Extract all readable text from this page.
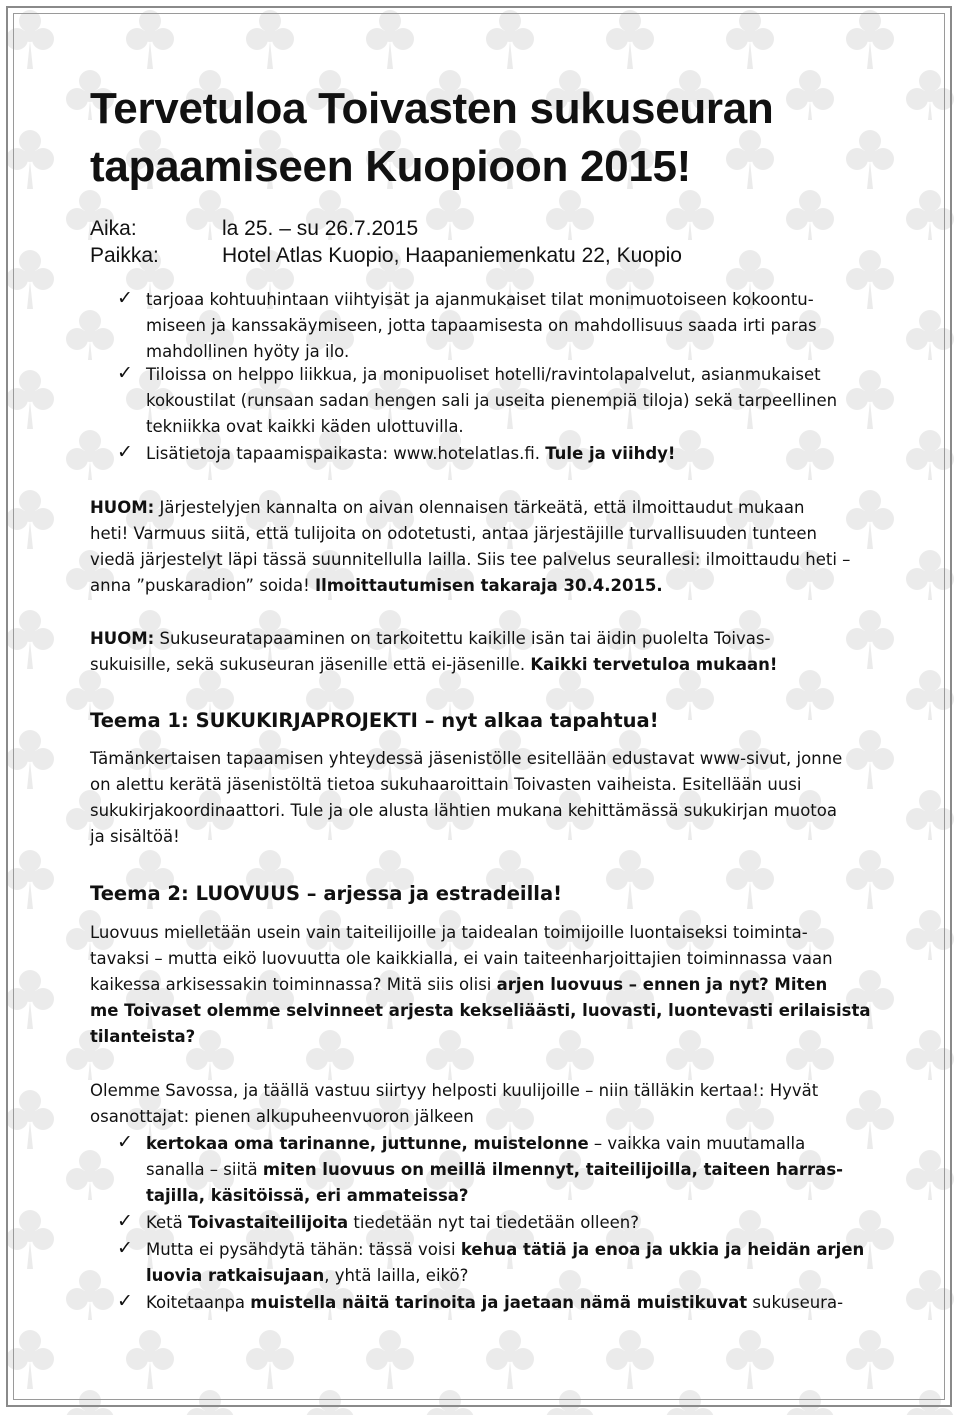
Tervetuloa Toivasten sukuseuran
tapaamiseen Kuopioon 2015!
Aika:	la 25. – su 26.7.2015
Paikka:	Hotel Atlas Kuopio, Haapaniemenkatu 22, Kuopio
✓ tarjoaa kohtuuhintaan viihtyisät ja ajanmukaiset tilat monimuotoiseen kokoontu-
miseen ja kanssakäymiseen, jotta tapaamisesta on mahdollisuus saada irti paras
mahdollinen hyöty ja ilo.
✓ Tiloissa on helppo liikkua, ja monipuoliset hotelli/ravintolapalvelut, asianmukaiset
kokoustilat (runsaan sadan hengen sali ja useita pienempiä tiloja) sekä tarpeellinen
tekniikka ovat kaikki käden ulottuvilla.
✓ Lisätietoja tapaamispaikasta: www.hotelatlas.fi. Tule ja viihdy!
HUOM: Järjestelyjen kannalta on aivan olennaisen tärkeätä, että ilmoittaudut mukaan
heti! Varmuus siitä, että tulijoita on odotetusti, antaa järjestäjille turvallisuuden tunteen
viedä järjestelyt läpi tässä suunnitellulla lailla. Siis tee palvelus seurallesi: ilmoittaudu heti –
anna ”puskaradion” soida! Ilmoittautumisen takaraja 30.4.2015.
HUOM: Sukuseuratapaaminen on tarkoitettu kaikille isän tai äidin puolelta Toivas-
sukuisille, sekä sukuseuran jäsenille että ei-jäsenille. Kaikki tervetuloa mukaan!
Teema 1: SUKUKIRJAPROJEKTI – nyt alkaa tapahtua!
Tämänkertaisen tapaamisen yhteydessä jäsenistölle esitellään edustavat www-sivut, jonne
on alettu kerätä jäsenistöltä tietoa sukuhaaroittain Toivasten vaiheista. Esitellään uusi
sukukirjakoordinaattori. Tule ja ole alusta lähtien mukana kehittämässä sukukirjan muotoa
ja sisältöä!
Teema 2: LUOVUUS – arjessa ja estradeilla!
Luovuus mielletään usein vain taiteilijoille ja taidealan toimijoille luontaiseksi toiminta-
tavaksi – mutta eikö luovuutta ole kaikkialla, ei vain taiteenharjoittajien toiminnassa vaan
kaikessa arkisessakin toiminnassa? Mitä siis olisi arjen luovuus – ennen ja nyt? Miten
me Toivaset olemme selvinneet arjesta kekseliäästi, luovasti, luontevasti erilaisista
tilanteista?
Olemme Savossa, ja täällä vastuu siirtyy helposti kuulijoille – niin tälläkin kertaa!: Hyvät
osanottajat: pienen alkupuheenvuoron jälkeen
✓ kertokaa oma tarinanne, juttunne, muistelonne – vaikka vain muutamalla
sanalla – siitä miten luovuus on meillä ilmennyt, taiteilijoilla, taiteen harras-
tajilla, käsitöissä, eri ammateissa?
✓ Ketä Toivastaiteilijoita tiedetään nyt tai tiedetään olleen?
✓ Mutta ei pysähdytä tähän: tässä voisi kehua tätiä ja enoa ja ukkia ja heidän arjen
luovia ratkaisujaan, yhtä lailla, eikö?
✓ Koitetaanpa muistella näitä tarinoita ja jaetaan nämä muistikuvat sukuseura-
